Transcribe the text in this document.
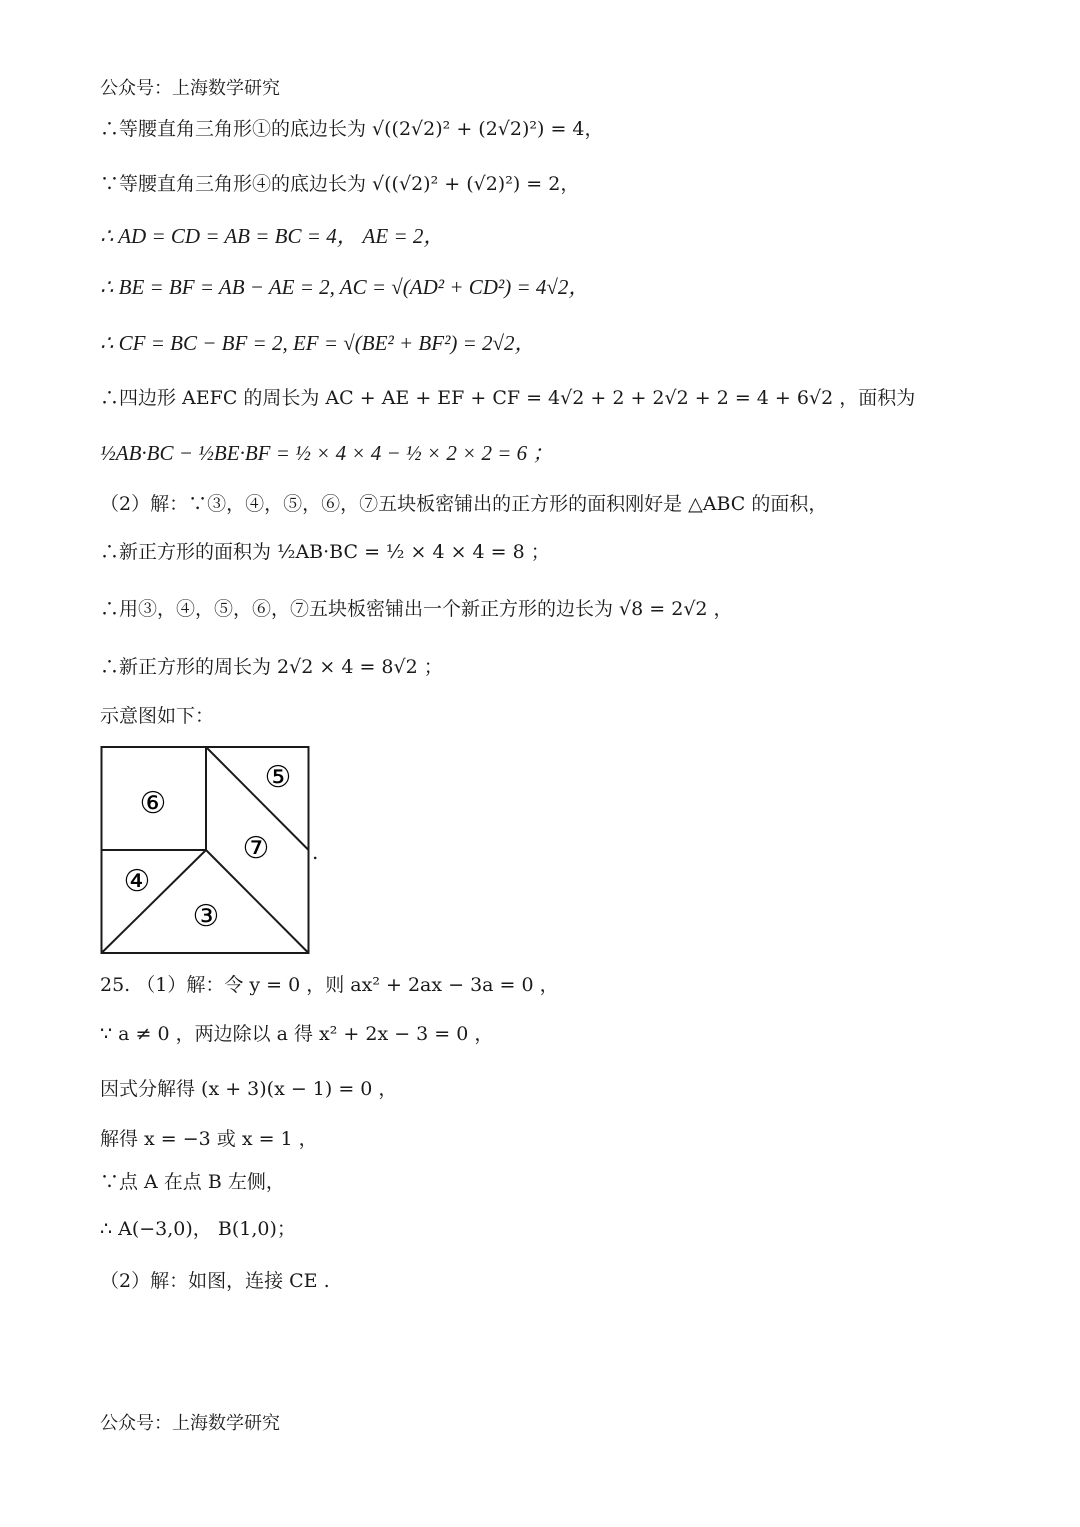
公众号：上海数学研究
∴等腰直角三角形①的底边长为 √((2√2)² + (2√2)²) = 4，
∵等腰直角三角形④的底边长为 √((√2)² + (√2)²) = 2，
∴ AD = CD = AB = BC = 4， AE = 2，
∴ BE = BF = AB − AE = 2, AC = √(AD² + CD²) = 4√2，
∴ CF = BC − BF = 2, EF = √(BE² + BF²) = 2√2，
∴四边形 AEFC 的周长为 AC + AE + EF + CF = 4√2 + 2 + 2√2 + 2 = 4 + 6√2 ，面积为
½AB·BC − ½BE·BF = ½ × 4 × 4 − ½ × 2 × 2 = 6 ；
（2）解：∵③，④，⑤，⑥，⑦五块板密铺出的正方形的面积刚好是 △ABC 的面积，
∴新正方形的面积为 ½AB·BC = ½ × 4 × 4 = 8 ；
∴用③，④，⑤，⑥，⑦五块板密铺出一个新正方形的边长为 √8 = 2√2 ，
∴新正方形的周长为 2√2 × 4 = 8√2 ；
示意图如下：
⑥
⑤
⑦
④
③
.
25. （1）解：令 y = 0 ，则 ax² + 2ax − 3a = 0 ，
∵ a ≠ 0 ，两边除以 a 得 x² + 2x − 3 = 0 ，
因式分解得 (x + 3)(x − 1) = 0 ，
解得 x = −3 或 x = 1 ，
∵点 A 在点 B 左侧，
∴ A(−3,0)， B(1,0)；
（2）解：如图，连接 CE .
公众号：上海数学研究
